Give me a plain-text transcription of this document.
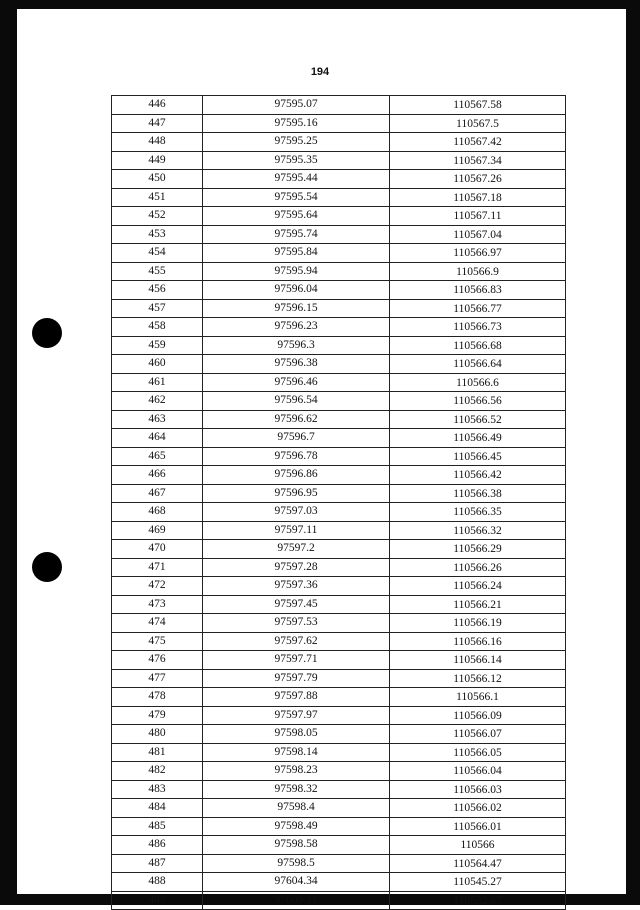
194
446	97595.07	110567.58
447	97595.16	110567.5
448	97595.25	110567.42
449	97595.35	110567.34
450	97595.44	110567.26
451	97595.54	110567.18
452	97595.64	110567.11
453	97595.74	110567.04
454	97595.84	110566.97
455	97595.94	110566.9
456	97596.04	110566.83
457	97596.15	110566.77
458	97596.23	110566.73
459	97596.3	110566.68
460	97596.38	110566.64
461	97596.46	110566.6
462	97596.54	110566.56
463	97596.62	110566.52
464	97596.7	110566.49
465	97596.78	110566.45
466	97596.86	110566.42
467	97596.95	110566.38
468	97597.03	110566.35
469	97597.11	110566.32
470	97597.2	110566.29
471	97597.28	110566.26
472	97597.36	110566.24
473	97597.45	110566.21
474	97597.53	110566.19
475	97597.62	110566.16
476	97597.71	110566.14
477	97597.79	110566.12
478	97597.88	110566.1
479	97597.97	110566.09
480	97598.05	110566.07
481	97598.14	110566.05
482	97598.23	110566.04
483	97598.32	110566.03
484	97598.4	110566.02
485	97598.49	110566.01
486	97598.58	110566
487	97598.5	110564.47
488	97604.34	110545.27
489	97609.11	110532.87
